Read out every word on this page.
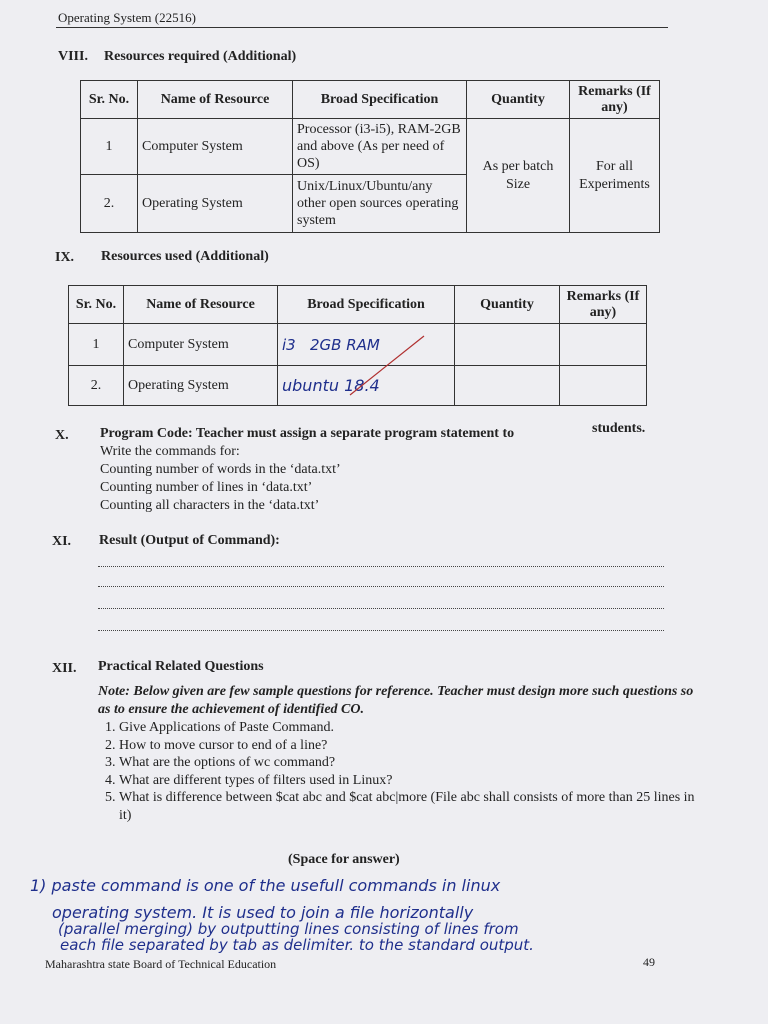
Operating System (22516)
VIII. Resources required (Additional)
Sr. No.	Name of Resource	Broad Specification	Quantity	Remarks (If any)
1	Computer System	Processor (i3-i5), RAM-2GB and above (As per need of OS)	As per batch Size	For all Experiments
2.	Operating System	Unix/Linux/Ubuntu/any other open sources operating system		
IX. Resources used (Additional)
Sr. No.	Name of Resource	Broad Specification	Quantity	Remarks (If any)
1	Computer System	i3   2GB RAM		
2.	Operating System	ubuntu 18.4		
X. Program Code: Teacher must assign a separate program statement to	students.
Write the commands for:
Counting number of words in the ‘data.txt’
Counting number of lines in ‘data.txt’
Counting all characters in the ‘data.txt’
XI. Result (Output of Command):
XII. Practical Related Questions
Note: Below given are few sample questions for reference. Teacher must design more such questions so as to ensure the achievement of identified CO.
1. Give Applications of Paste Command.
2. How to move cursor to end of a line?
3. What are the options of wc command?
4. What are different types of filters used in Linux?
5. What is difference between $cat abc and $cat abc|more (File abc shall consists of more than 25 lines in it)
(Space for answer)
1) paste command is one of the usefull commands in linux
operating system. It is used to join a file horizontally
(parallel merging) by outputting lines consisting of lines from
each file separated by tab as delimiter. to the standard output.
Maharashtra state Board of Technical Education	49
